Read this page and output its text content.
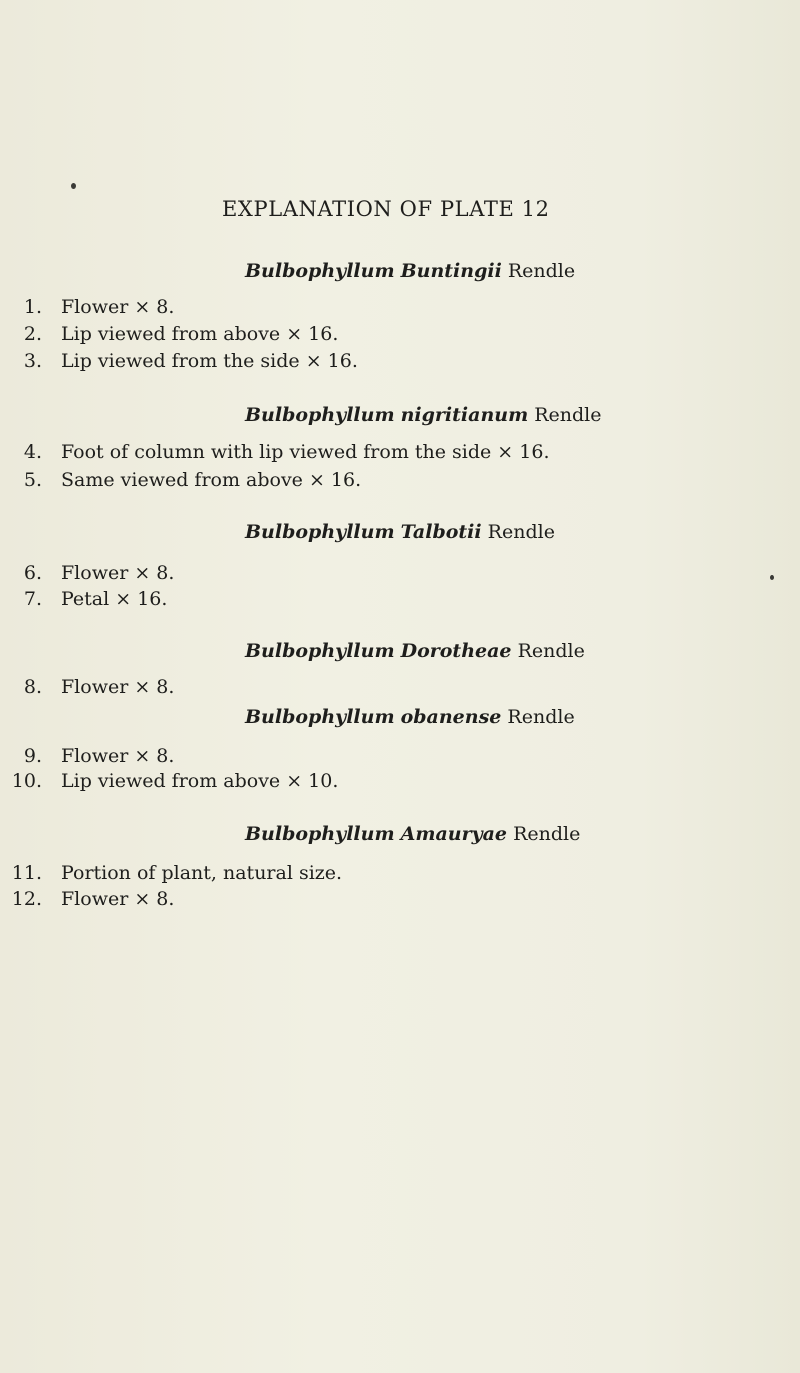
EXPLANATION OF PLATE 12
Bulbophyllum Buntingii Rendle
1. Flower × 8.
2. Lip viewed from above × 16.
3. Lip viewed from the side × 16.
Bulbophyllum nigritianum Rendle
4. Foot of column with lip viewed from the side × 16.
5. Same viewed from above × 16.
Bulbophyllum Talbotii Rendle
6. Flower × 8.
7. Petal × 16.
Bulbophyllum Dorotheae Rendle
8. Flower × 8.
Bulbophyllum obanense Rendle
9. Flower × 8.
10. Lip viewed from above × 10.
Bulbophyllum Amauryae Rendle
11. Portion of plant, natural size.
12. Flower × 8.
